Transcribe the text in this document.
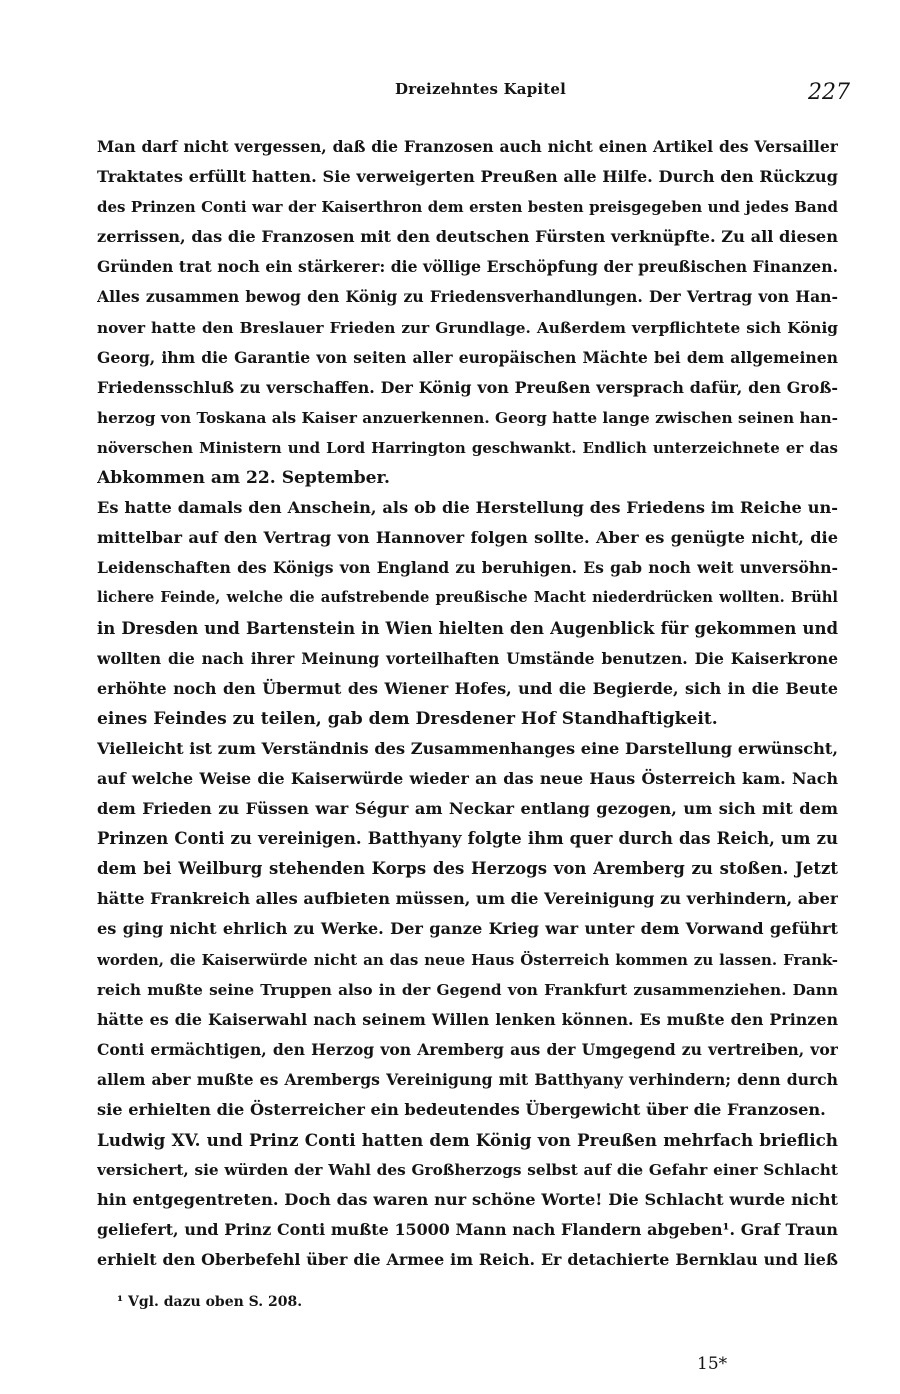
Dreizehntes Kapitel	227
Man darf nicht vergessen, daß die Franzosen auch nicht einen Artikel des Versailler
Traktates erfüllt hatten. Sie verweigerten Preußen alle Hilfe. Durch den Rückzug
des Prinzen Conti war der Kaiserthron dem ersten besten preisgegeben und jedes Band
zerrissen, das die Franzosen mit den deutschen Fürsten verknüpfte. Zu all diesen
Gründen trat noch ein stärkerer: die völlige Erschöpfung der preußischen Finanzen.
Alles zusammen bewog den König zu Friedensverhandlungen. Der Vertrag von Han-
nover hatte den Breslauer Frieden zur Grundlage. Außerdem verpflichtete sich König
Georg, ihm die Garantie von seiten aller europäischen Mächte bei dem allgemeinen
Friedensschluß zu verschaffen. Der König von Preußen versprach dafür, den Groß-
herzog von Toskana als Kaiser anzuerkennen. Georg hatte lange zwischen seinen han-
növerschen Ministern und Lord Harrington geschwankt. Endlich unterzeichnete er das
Abkommen am 22. September.
Es hatte damals den Anschein, als ob die Herstellung des Friedens im Reiche un-
mittelbar auf den Vertrag von Hannover folgen sollte. Aber es genügte nicht, die
Leidenschaften des Königs von England zu beruhigen. Es gab noch weit unversöhn-
lichere Feinde, welche die aufstrebende preußische Macht niederdrücken wollten. Brühl
in Dresden und Bartenstein in Wien hielten den Augenblick für gekommen und
wollten die nach ihrer Meinung vorteilhaften Umstände benutzen. Die Kaiserkrone
erhöhte noch den Übermut des Wiener Hofes, und die Begierde, sich in die Beute
eines Feindes zu teilen, gab dem Dresdener Hof Standhaftigkeit.
Vielleicht ist zum Verständnis des Zusammenhanges eine Darstellung erwünscht,
auf welche Weise die Kaiserwürde wieder an das neue Haus Österreich kam. Nach
dem Frieden zu Füssen war Ségur am Neckar entlang gezogen, um sich mit dem
Prinzen Conti zu vereinigen. Batthyany folgte ihm quer durch das Reich, um zu
dem bei Weilburg stehenden Korps des Herzogs von Aremberg zu stoßen. Jetzt
hätte Frankreich alles aufbieten müssen, um die Vereinigung zu verhindern, aber
es ging nicht ehrlich zu Werke. Der ganze Krieg war unter dem Vorwand geführt
worden, die Kaiserwürde nicht an das neue Haus Österreich kommen zu lassen. Frank-
reich mußte seine Truppen also in der Gegend von Frankfurt zusammenziehen. Dann
hätte es die Kaiserwahl nach seinem Willen lenken können. Es mußte den Prinzen
Conti ermächtigen, den Herzog von Aremberg aus der Umgegend zu vertreiben, vor
allem aber mußte es Arembergs Vereinigung mit Batthyany verhindern; denn durch
sie erhielten die Österreicher ein bedeutendes Übergewicht über die Franzosen.
Ludwig XV. und Prinz Conti hatten dem König von Preußen mehrfach brieflich
versichert, sie würden der Wahl des Großherzogs selbst auf die Gefahr einer Schlacht
hin entgegentreten. Doch das waren nur schöne Worte! Die Schlacht wurde nicht
geliefert, und Prinz Conti mußte 15000 Mann nach Flandern abgeben¹. Graf Traun
erhielt den Oberbefehl über die Armee im Reich. Er detachierte Bernklau und ließ
¹ Vgl. dazu oben S. 208.
15*
